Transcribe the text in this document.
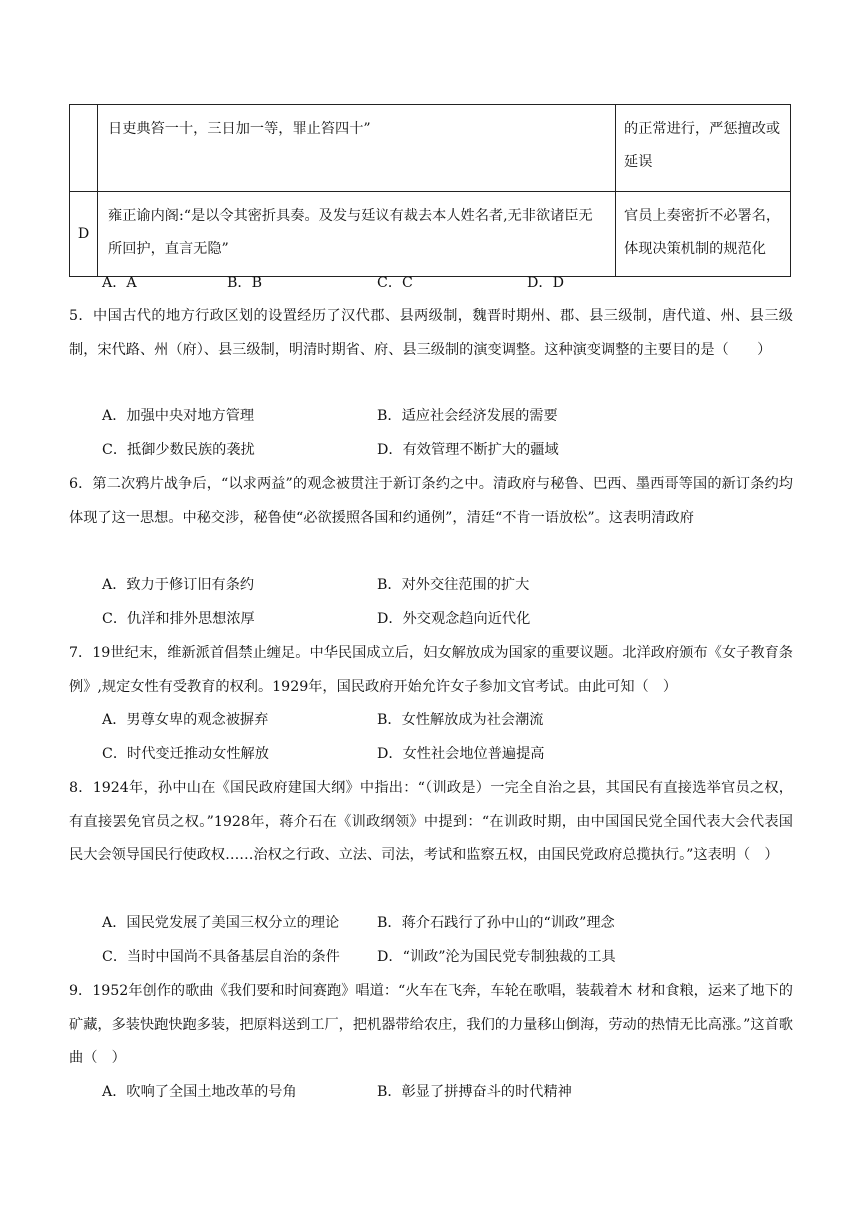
	日吏典笞一十，三日加一等，罪止笞四十”	的正常进行，严惩擅改或延误
D	雍正谕内阁:“是以令其密折具奏。及发与廷议有裁去本人姓名者,无非欲诸臣无所回护，直言无隐”	官员上奏密折不必署名，体现决策机制的规范化
A．A	B．B	C．C	D．D
5．中国古代的地方行政区划的设置经历了汉代郡、县两级制，魏晋时期州、郡、县三级制，唐代道、州、县三级制，宋代路、州（府）、县三级制，明清时期省、府、县三级制的演变调整。这种演变调整的主要目的是（　　）
A．加强中央对地方管理	B．适应社会经济发展的需要
C．抵御少数民族的袭扰	D．有效管理不断扩大的疆域
6．第二次鸦片战争后，“以求两益”的观念被贯注于新订条约之中。清政府与秘鲁、巴西、墨西哥等国的新订条约均体现了这一思想。中秘交涉，秘鲁使“必欲援照各国和约通例”，清廷“不肯一语放松”。这表明清政府
A．致力于修订旧有条约	B．对外交往范围的扩大
C．仇洋和排外思想浓厚	D．外交观念趋向近代化
7．19世纪末，维新派首倡禁止缠足。中华民国成立后，妇女解放成为国家的重要议题。北洋政府颁布《女子教育条例》,规定女性有受教育的权利。1929年，国民政府开始允许女子参加文官考试。由此可知（　）
A．男尊女卑的观念被摒弃	B．女性解放成为社会潮流
C．时代变迁推动女性解放	D．女性社会地位普遍提高
8．1924年，孙中山在《国民政府建国大纲》中指出：“（训政是）一完全自治之县，其国民有直接选举官员之权，有直接罢免官员之权。”1928年，蒋介石在《训政纲领》中提到：“在训政时期，由中国国民党全国代表大会代表国民大会领导国民行使政权……治权之行政、立法、司法，考试和监察五权，由国民党政府总揽执行。”这表明（　）
A．国民党发展了美国三权分立的理论	B．蒋介石践行了孙中山的“训政”理念
C．当时中国尚不具备基层自治的条件	D．“训政”沦为国民党专制独裁的工具
9．1952年创作的歌曲《我们要和时间赛跑》唱道：“火车在飞奔，车轮在歌唱，装载着木 材和食粮，运来了地下的矿藏，多装快跑快跑多装，把原料送到工厂，把机器带给农庄，我们的力量移山倒海，劳动的热情无比高涨。”这首歌曲（　）
A．吹响了全国土地改革的号角	B．彰显了拼搏奋斗的时代精神
